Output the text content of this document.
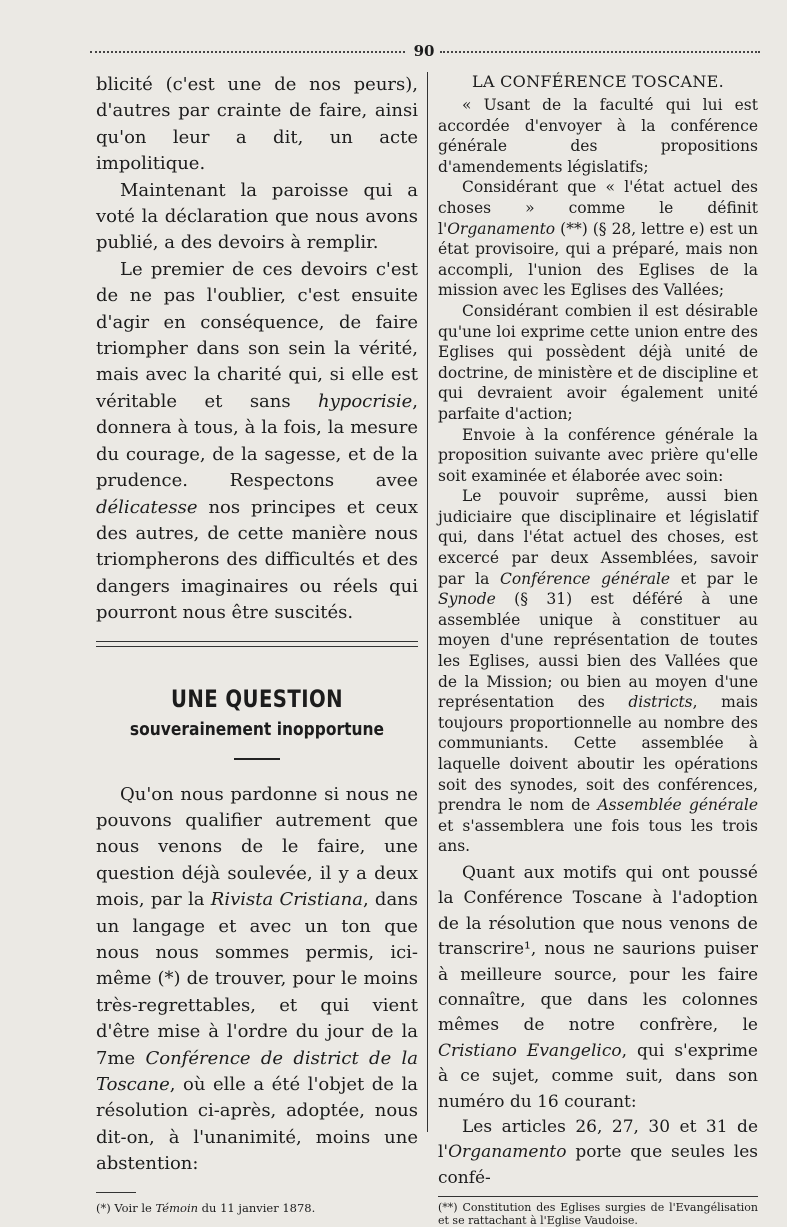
90

blicité (c'est une de nos peurs), d'autres par crainte de faire, ainsi qu'on leur a dit, un acte impolitique.

Maintenant la paroisse qui a voté la déclaration que nous avons publié, a des devoirs à remplir.

Le premier de ces devoirs c'est de ne pas l'oublier, c'est ensuite d'agir en conséquence, de faire triompher dans son sein la vérité, mais avec la charité qui, si elle est véritable et sans hypocrisie, donnera à tous, à la fois, la mesure du courage, de la sagesse, et de la prudence. Respectons avee délicatesse nos principes et ceux des autres, de cette manière nous triompherons des difficultés et des dangers imaginaires ou réels qui pourront nous être suscités.

UNE QUESTION
souverainement inopportune

Qu'on nous pardonne si nous ne pouvons qualifier autrement que nous venons de le faire, une question déjà soulevée, il y a deux mois, par la Rivista Cristiana, dans un langage et avec un ton que nous nous sommes permis, ici-même (*) de trouver, pour le moins très-regrettables, et qui vient d'être mise à l'ordre du jour de la 7me Conférence de district de la Toscane, où elle a été l'objet de la résolution ci-après, adoptée, nous dit-on, à l'unanimité, moins une abstention:

(*) Voir le Témoin du 11 janvier 1878.
LA CONFÉRENCE TOSCANE.

« Usant de la faculté qui lui est accordée d'envoyer à la conférence générale des propositions d'amendements législatifs;

Considérant que « l'état actuel des choses » comme le définit l'Organamento (**) (§ 28, lettre e) est un état provisoire, qui a préparé, mais non accompli, l'union des Eglises de la mission avec les Eglises des Vallées;

Considérant combien il est désirable qu'une loi exprime cette union entre des Eglises qui possèdent déjà unité de doctrine, de ministère et de discipline et qui devraient avoir également unité parfaite d'action;

Envoie à la conférence générale la proposition suivante avec prière qu'elle soit examinée et élaborée avec soin:

Le pouvoir suprême, aussi bien judiciaire que disciplinaire et législatif qui, dans l'état actuel des choses, est excercé par deux Assemblées, savoir par la Conférence générale et par le Synode (§ 31) est déféré à une assemblée unique à constituer au moyen d'une représentation de toutes les Eglises, aussi bien des Vallées que de la Mission; ou bien au moyen d'une représentation des districts, mais toujours proportionnelle au nombre des communiants. Cette assemblée à laquelle doivent aboutir les opérations soit des synodes, soit des conférences, prendra le nom de Assemblée générale et s'assemblera une fois tous les trois ans.

Quant aux motifs qui ont poussé la Conférence Toscane à l'adoption de la résolution que nous venons de transcrire¹, nous ne saurions puiser à meilleure source, pour les faire connaître, que dans les colonnes mêmes de notre confrère, le Cristiano Evangelico, qui s'exprime à ce sujet, comme suit, dans son numéro du 16 courant:

Les articles 26, 27, 30 et 31 de l'Organamento porte que seules les confé-

(**) Constitution des Eglises surgies de l'Evangélisation et se rattachant à l'Eglise Vaudoise.
